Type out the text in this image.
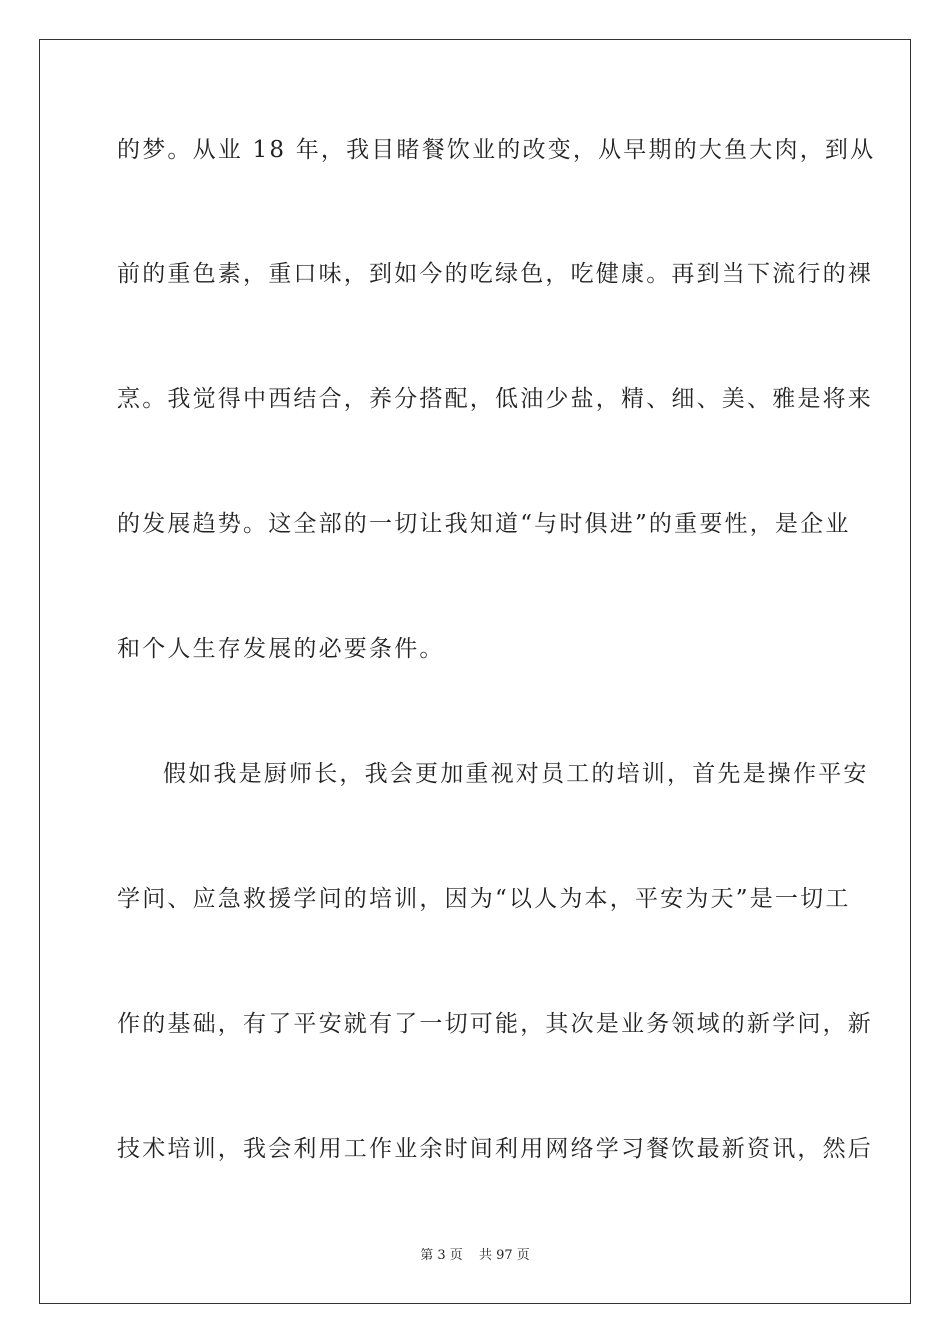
的梦。从业 18 年，我目睹餐饮业的改变，从早期的大鱼大肉，到从
前的重色素，重口味，到如今的吃绿色，吃健康。再到当下流行的裸
烹。我觉得中西结合，养分搭配，低油少盐，精、细、美、雅是将来
的发展趋势。这全部的一切让我知道“与时俱进”的重要性，是企业
和个人生存发展的必要条件。
假如我是厨师长，我会更加重视对员工的培训，首先是操作平安
学问、应急救援学问的培训，因为“以人为本，平安为天”是一切工
作的基础，有了平安就有了一切可能，其次是业务领域的新学问，新
技术培训，我会利用工作业余时间利用网络学习餐饮最新资讯，然后
第 3 页 共 97 页
